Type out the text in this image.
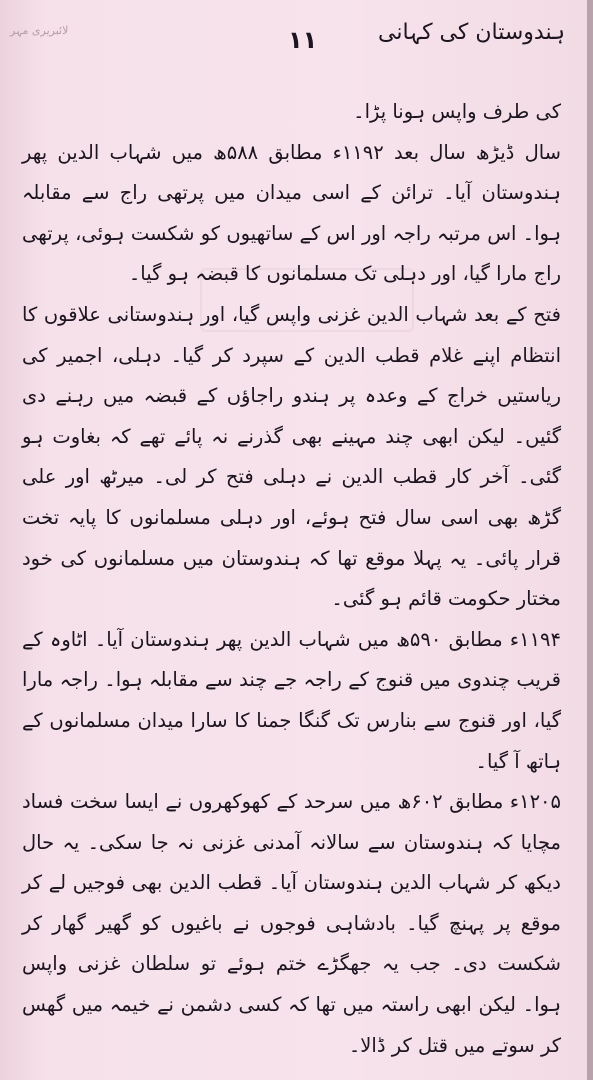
لائبریری مہر	۱۱	ہندوستان کی کہانی

کی طرف واپس ہونا پڑا۔

سال ڈیڑھ سال بعد ۱۱۹۲ء مطابق ۵۸۸ھ میں شہاب الدین پھر ہندوستان آیا۔ ترائن کے اسی میدان میں پرتھی راج سے مقابلہ ہوا۔ اس مرتبہ راجہ اور اس کے ساتھیوں کو شکست ہوئی، پرتھی راج مارا گیا، اور دہلی تک مسلمانوں کا قبضہ ہو گیا۔

فتح کے بعد شہاب الدین غزنی واپس گیا، اور ہندوستانی علاقوں کا انتظام اپنے غلام قطب الدین کے سپرد کر گیا۔ دہلی، اجمیر کی ریاستیں خراج کے وعدہ پر ہندو راجاؤں کے قبضہ میں رہنے دی گئیں۔ لیکن ابھی چند مہینے بھی گذرنے نہ پائے تھے کہ بغاوت ہو گئی۔ آخر کار قطب الدین نے دہلی فتح کر لی۔ میرٹھ اور علی گڑھ بھی اسی سال فتح ہوئے، اور دہلی مسلمانوں کا پایہ تخت قرار پائی۔ یہ پہلا موقع تھا کہ ہندوستان میں مسلمانوں کی خود مختار حکومت قائم ہو گئی۔

۱۱۹۴ء مطابق ۵۹۰ھ میں شہاب الدین پھر ہندوستان آیا۔ اٹاوہ کے قریب چندوی میں قنوج کے راجہ جے چند سے مقابلہ ہوا۔ راجہ مارا گیا، اور قنوج سے بنارس تک گنگا جمنا کا سارا میدان مسلمانوں کے ہاتھ آ گیا۔

۱۲۰۵ء مطابق ۶۰۲ھ میں سرحد کے کھوکھروں نے ایسا سخت فساد مچایا کہ ہندوستان سے سالانہ آمدنی غزنی نہ جا سکی۔ یہ حال دیکھ کر شہاب الدین ہندوستان آیا۔ قطب الدین بھی فوجیں لے کر موقع پر پہنچ گیا۔ بادشاہی فوجوں نے باغیوں کو گھیر گھار کر شکست دی۔ جب یہ جھگڑے ختم ہوئے تو سلطان غزنی واپس ہوا۔ لیکن ابھی راستہ میں تھا کہ کسی دشمن نے خیمہ میں گھس کر سوتے میں قتل کر ڈالا۔
